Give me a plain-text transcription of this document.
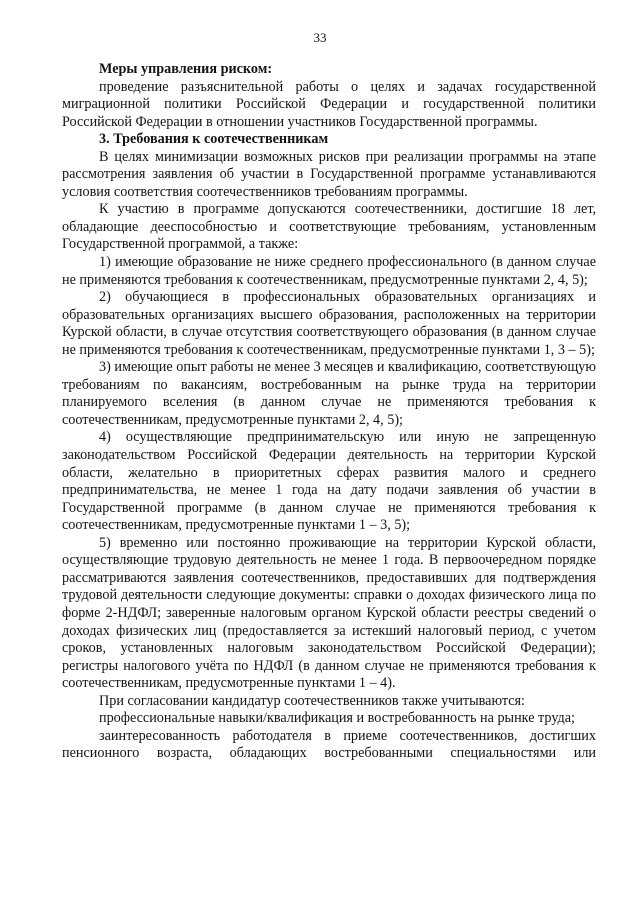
33

Меры управления риском:

проведение разъяснительной работы о целях и задачах государственной миграционной политики Российской Федерации и государственной политики Российской Федерации в отношении участников Государственной программы.

3. Требования к соотечественникам

В целях минимизации возможных рисков при реализации программы на этапе рассмотрения заявления об участии в Государственной программе устанавливаются условия соответствия соотечественников требованиям программы.

К участию в программе допускаются соотечественники, достигшие 18 лет, обладающие дееспособностью и соответствующие требованиям, установленным Государственной программой, а также:

1) имеющие образование не ниже среднего профессионального (в данном случае не применяются требования к соотечественникам, предусмотренные пунктами 2, 4, 5);

2) обучающиеся в профессиональных образовательных организациях и образовательных организациях высшего образования, расположенных на территории Курской области, в случае отсутствия соответствующего образования (в данном случае не применяются требования к соотечественникам, предусмотренные пунктами 1, 3 – 5);

3) имеющие опыт работы не менее 3 месяцев и квалификацию, соответствующую требованиям по вакансиям, востребованным на рынке труда на территории планируемого вселения (в данном случае не применяются требования к соотечественникам, предусмотренные пунктами 2, 4, 5);

4) осуществляющие предпринимательскую или иную не запрещенную законодательством Российской Федерации деятельность на территории Курской области, желательно в приоритетных сферах развития малого и среднего предпринимательства, не менее 1 года на дату подачи заявления об участии в Государственной программе (в данном случае не применяются требования к соотечественникам, предусмотренные пунктами 1 – 3, 5);

5) временно или постоянно проживающие на территории Курской области, осуществляющие трудовую деятельность не менее 1 года. В первоочередном порядке рассматриваются заявления соотечественников, предоставивших для подтверждения трудовой деятельности следующие документы: справки о доходах физического лица по форме 2-НДФЛ; заверенные налоговым органом Курской области реестры сведений о доходах физических лиц (предоставляется за истекший налоговый период, с учетом сроков, установленных налоговым законодательством Российской Федерации); регистры налогового учёта по НДФЛ (в данном случае не применяются требования к соотечественникам, предусмотренные пунктами 1 – 4).

При согласовании кандидатур соотечественников также учитываются:

профессиональные навыки/квалификация и востребованность на рынке труда;

заинтересованность работодателя в приеме соотечественников, достигших пенсионного возраста, обладающих востребованными специальностями или
